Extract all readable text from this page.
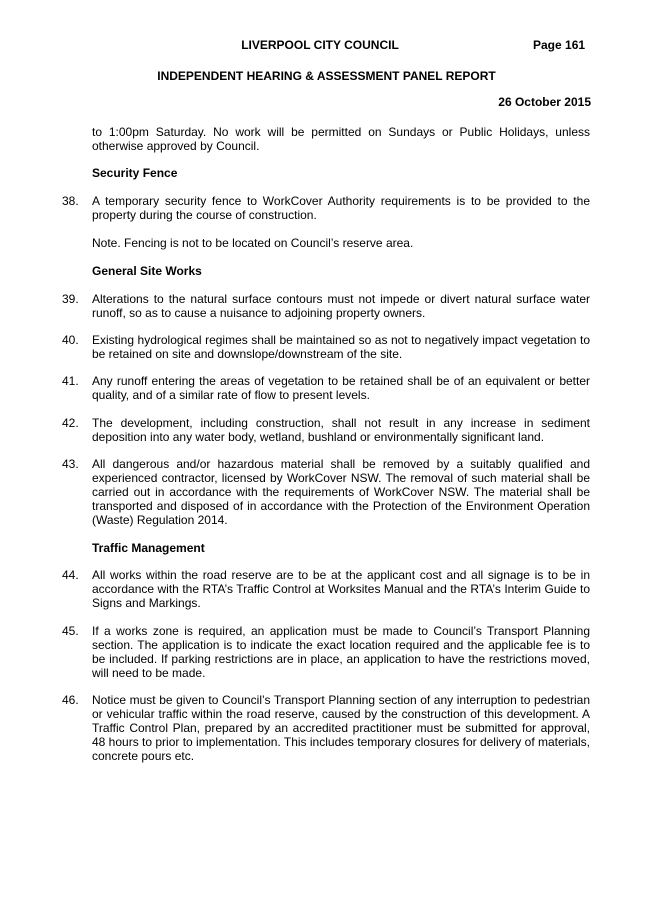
LIVERPOOL CITY COUNCIL	Page 161
INDEPENDENT HEARING & ASSESSMENT PANEL REPORT
26 October 2015
to 1:00pm Saturday. No work will be permitted on Sundays or Public Holidays, unless otherwise approved by Council.
Security Fence
38. A temporary security fence to WorkCover Authority requirements is to be provided to the property during the course of construction.
Note. Fencing is not to be located on Council’s reserve area.
General Site Works
39. Alterations to the natural surface contours must not impede or divert natural surface water runoff, so as to cause a nuisance to adjoining property owners.
40. Existing hydrological regimes shall be maintained so as not to negatively impact vegetation to be retained on site and downslope/downstream of the site.
41. Any runoff entering the areas of vegetation to be retained shall be of an equivalent or better quality, and of a similar rate of flow to present levels.
42. The development, including construction, shall not result in any increase in sediment deposition into any water body, wetland, bushland or environmentally significant land.
43. All dangerous and/or hazardous material shall be removed by a suitably qualified and experienced contractor, licensed by WorkCover NSW. The removal of such material shall be carried out in accordance with the requirements of WorkCover NSW. The material shall be transported and disposed of in accordance with the Protection of the Environment Operation (Waste) Regulation 2014.
Traffic Management
44. All works within the road reserve are to be at the applicant cost and all signage is to be in accordance with the RTA’s Traffic Control at Worksites Manual and the RTA’s Interim Guide to Signs and Markings.
45. If a works zone is required, an application must be made to Council’s Transport Planning section. The application is to indicate the exact location required and the applicable fee is to be included. If parking restrictions are in place, an application to have the restrictions moved, will need to be made.
46. Notice must be given to Council’s Transport Planning section of any interruption to pedestrian or vehicular traffic within the road reserve, caused by the construction of this development. A Traffic Control Plan, prepared by an accredited practitioner must be submitted for approval, 48 hours to prior to implementation. This includes temporary closures for delivery of materials, concrete pours etc.
